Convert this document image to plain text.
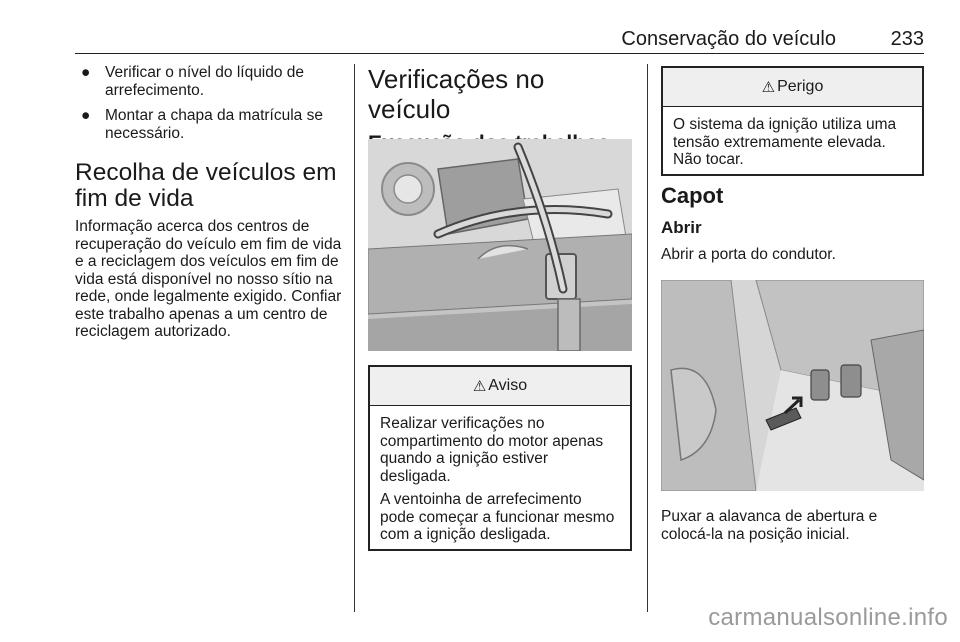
Conservação do veículo	233
● Verificar o nível do líquido de arrefecimento.
● Montar a chapa da matrícula se necessário.
Recolha de veículos em fim de vida

Informação acerca dos centros de recuperação do veículo em fim de vida e a reciclagem dos veículos em fim de vida está disponível no nosso sítio na rede, onde legalmente exigido. Confiar este trabalho apenas a um centro de reciclagem autorizado.

Verificações no veículo
⚠ Aviso

Realizar verificações no compartimento do motor apenas quando a ignição estiver desligada.

A ventoinha de arrefecimento pode começar a funcionar mesmo com a ignição desligada.

⚠ Perigo

O sistema da ignição utiliza uma tensão extremamente elevada. Não tocar.

Capot
Abrir

Abrir a porta do condutor.

Puxar a alavanca de abertura e colocá-la na posição inicial.

carmanualsonline.info
